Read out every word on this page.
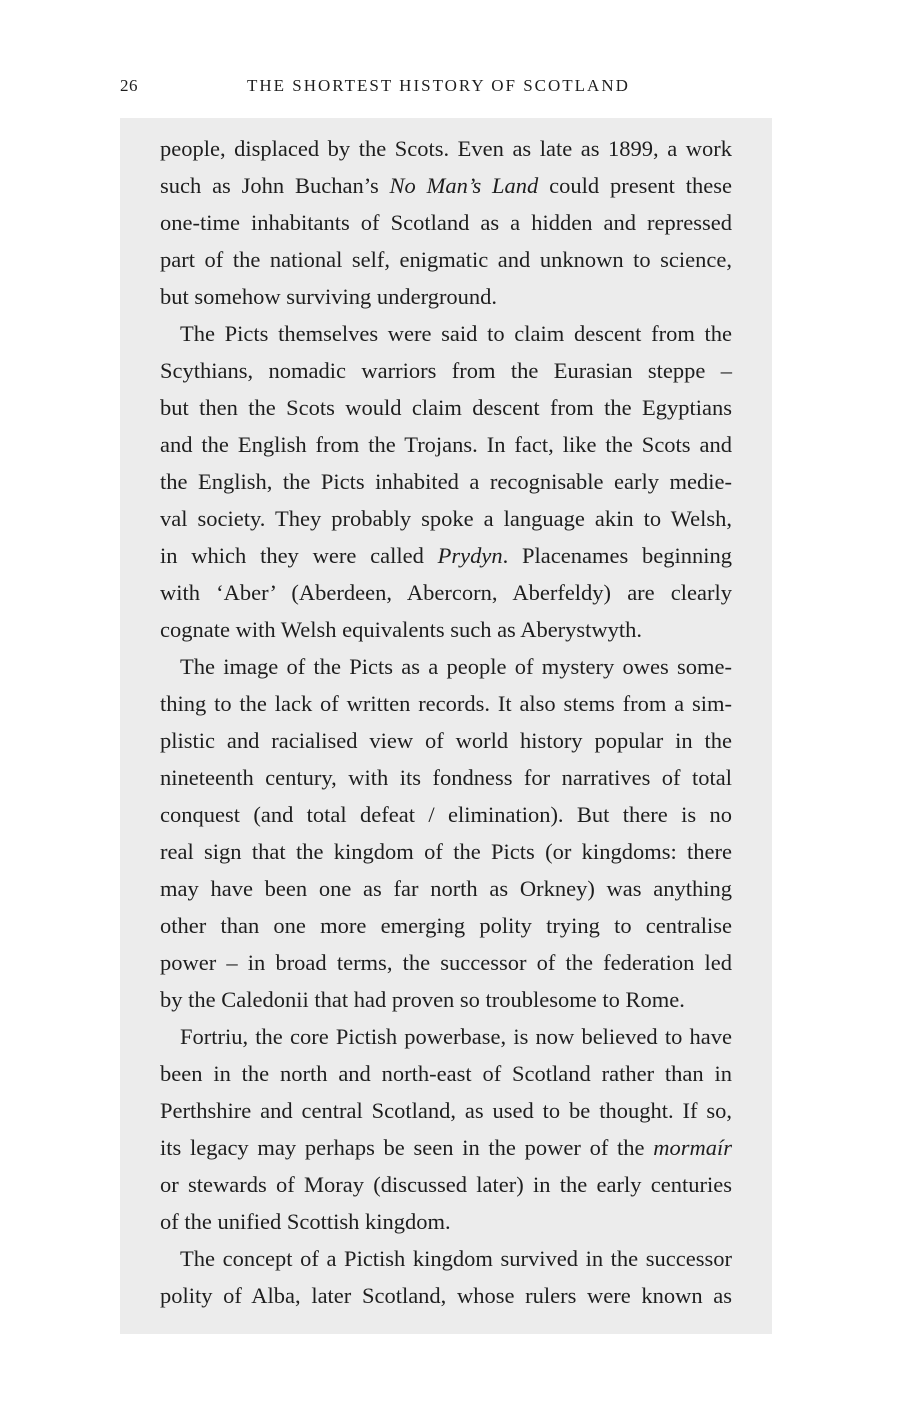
26	THE SHORTEST HISTORY OF SCOTLAND
people, displaced by the Scots. Even as late as 1899, a work
such as John Buchan’s No Man’s Land could present these
one-time inhabitants of Scotland as a hidden and repressed
part of the national self, enigmatic and unknown to science,
but somehow surviving underground.
The Picts themselves were said to claim descent from the
Scythians, nomadic warriors from the Eurasian steppe –
but then the Scots would claim descent from the Egyptians
and the English from the Trojans. In fact, like the Scots and
the English, the Picts inhabited a recognisable early medie-
val society. They probably spoke a language akin to Welsh,
in which they were called Prydyn. Placenames beginning
with ‘Aber’ (Aberdeen, Abercorn, Aberfeldy) are clearly
cognate with Welsh equivalents such as Aberystwyth.
The image of the Picts as a people of mystery owes some-
thing to the lack of written records. It also stems from a sim-
plistic and racialised view of world history popular in the
nineteenth century, with its fondness for narratives of total
conquest (and total defeat / elimination). But there is no
real sign that the kingdom of the Picts (or kingdoms: there
may have been one as far north as Orkney) was anything
other than one more emerging polity trying to centralise
power – in broad terms, the successor of the federation led
by the Caledonii that had proven so troublesome to Rome.
Fortriu, the core Pictish powerbase, is now believed to have
been in the north and north-east of Scotland rather than in
Perthshire and central Scotland, as used to be thought. If so,
its legacy may perhaps be seen in the power of the mormaír
or stewards of Moray (discussed later) in the early centuries
of the unified Scottish kingdom.
The concept of a Pictish kingdom survived in the successor
polity of Alba, later Scotland, whose rulers were known as
